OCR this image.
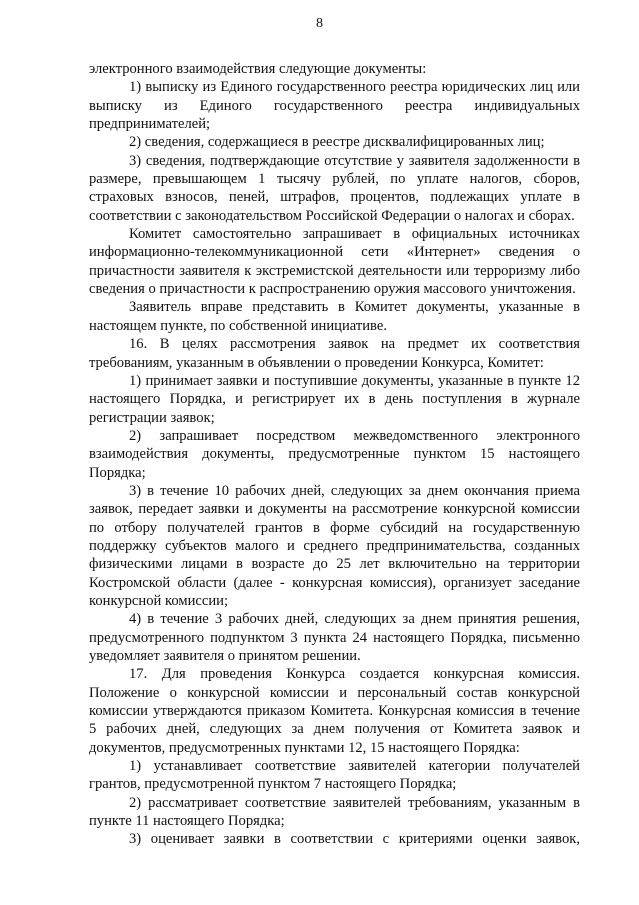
8

электронного взаимодействия следующие документы:

1) выписку из Единого государственного реестра юридических лиц или выписку из Единого государственного реестра индивидуальных предпринимателей;

2) сведения, содержащиеся в реестре дисквалифицированных лиц;

3) сведения, подтверждающие отсутствие у заявителя задолженности в размере, превышающем 1 тысячу рублей, по уплате налогов, сборов, страховых взносов, пеней, штрафов, процентов, подлежащих уплате в соответствии с законодательством Российской Федерации о налогах и сборах.

Комитет самостоятельно запрашивает в официальных источниках информационно-телекоммуникационной сети «Интернет» сведения о причастности заявителя к экстремистской деятельности или терроризму либо сведения о причастности к распространению оружия массового уничтожения.

Заявитель вправе представить в Комитет документы, указанные в настоящем пункте, по собственной инициативе.

16. В целях рассмотрения заявок на предмет их соответствия требованиям, указанным в объявлении о проведении Конкурса, Комитет:

1) принимает заявки и поступившие документы, указанные в пункте 12 настоящего Порядка, и регистрирует их в день поступления в журнале регистрации заявок;

2) запрашивает посредством межведомственного электронного взаимодействия документы, предусмотренные пунктом 15 настоящего Порядка;

3) в течение 10 рабочих дней, следующих за днем окончания приема заявок, передает заявки и документы на рассмотрение конкурсной комиссии по отбору получателей грантов в форме субсидий на государственную поддержку субъектов малого и среднего предпринимательства, созданных физическими лицами в возрасте до 25 лет включительно на территории Костромской области (далее - конкурсная комиссия), организует заседание конкурсной комиссии;

4) в течение 3 рабочих дней, следующих за днем принятия решения, предусмотренного подпунктом 3 пункта 24 настоящего Порядка, письменно уведомляет заявителя о принятом решении.

17. Для проведения Конкурса создается конкурсная комиссия. Положение о конкурсной комиссии и персональный состав конкурсной комиссии утверждаются приказом Комитета. Конкурсная комиссия в течение 5 рабочих дней, следующих за днем получения от Комитета заявок и документов, предусмотренных пунктами 12, 15 настоящего Порядка:

1) устанавливает соответствие заявителей категории получателей грантов, предусмотренной пунктом 7 настоящего Порядка;

2) рассматривает соответствие заявителей требованиям, указанным в пункте 11 настоящего Порядка;

3) оценивает заявки в соответствии с критериями оценки заявок,
